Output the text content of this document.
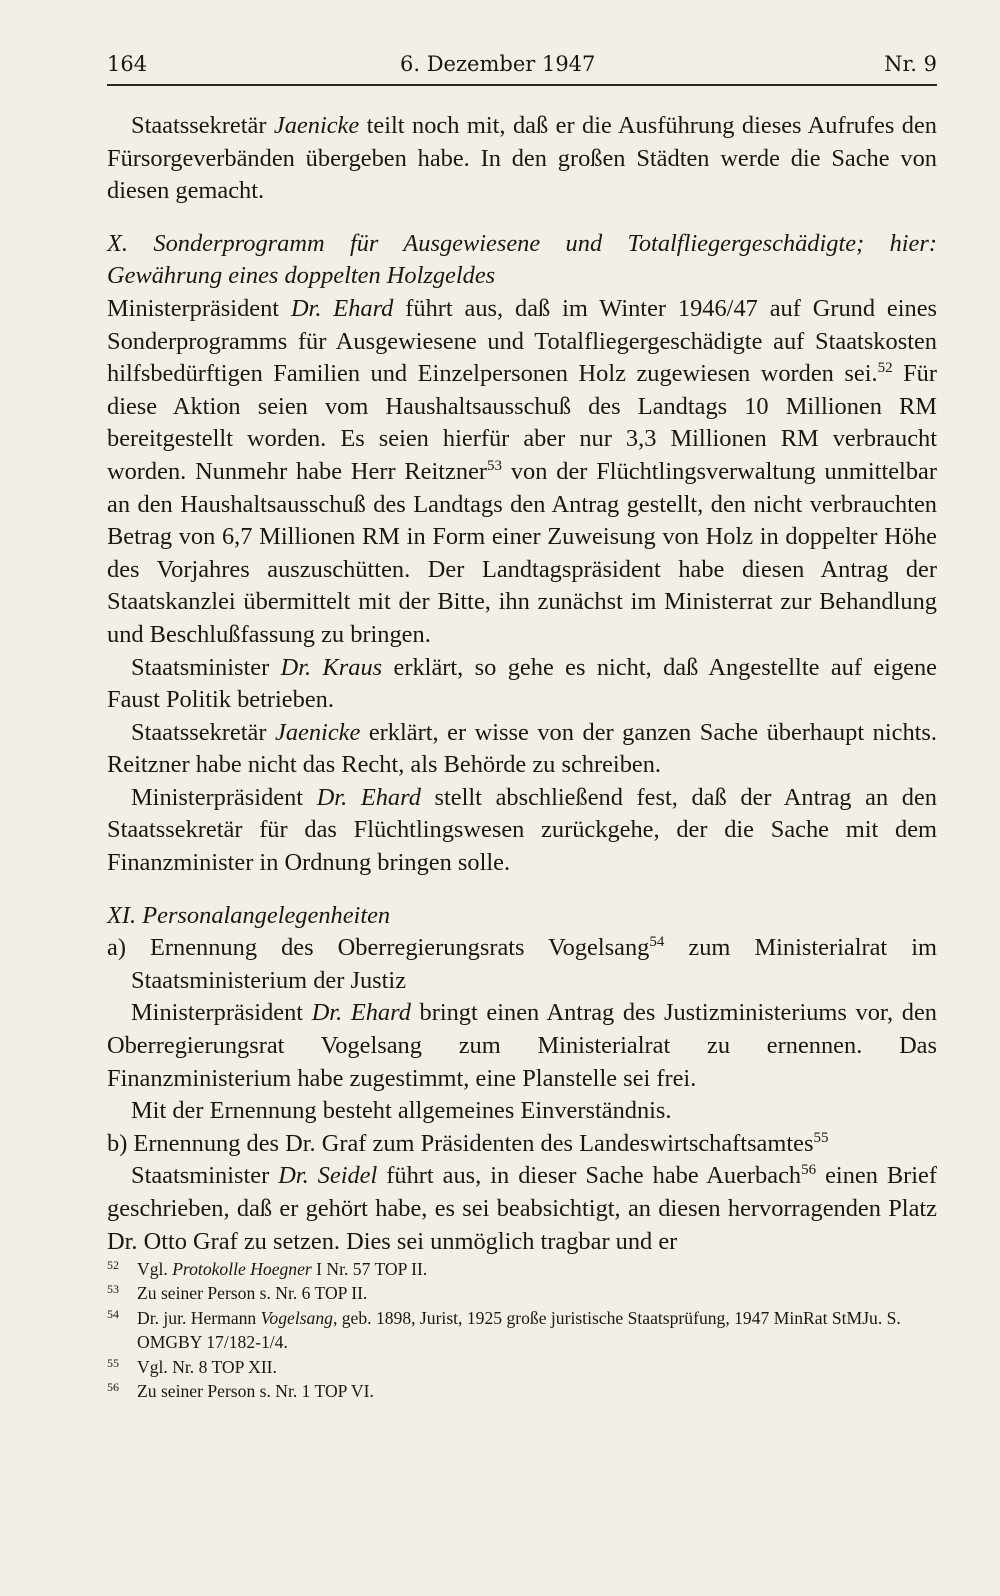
164	6. Dezember 1947	Nr. 9

Staatssekretär Jaenicke teilt noch mit, daß er die Ausführung dieses Aufrufes den Fürsorgeverbänden übergeben habe. In den großen Städten werde die Sache von diesen gemacht.

X. Sonderprogramm für Ausgewiesene und Totalfliegergeschädigte; hier: Gewährung eines doppelten Holzgeldes

Ministerpräsident Dr. Ehard führt aus, daß im Winter 1946/47 auf Grund eines Sonderprogramms für Ausgewiesene und Totalfliegergeschädigte auf Staatskosten hilfsbedürftigen Familien und Einzelpersonen Holz zugewiesen worden sei.$^{52}$ Für diese Aktion seien vom Haushaltsausschuß des Landtags 10 Millionen RM bereitgestellt worden. Es seien hierfür aber nur 3,3 Millionen RM verbraucht worden. Nunmehr habe Herr Reitzner$^{53}$ von der Flüchtlingsverwaltung unmittelbar an den Haushaltsausschuß des Landtags den Antrag gestellt, den nicht verbrauchten Betrag von 6,7 Millionen RM in Form einer Zuweisung von Holz in doppelter Höhe des Vorjahres auszuschütten. Der Landtagspräsident habe diesen Antrag der Staatskanzlei übermittelt mit der Bitte, ihn zunächst im Ministerrat zur Behandlung und Beschlußfassung zu bringen.

Staatsminister Dr. Kraus erklärt, so gehe es nicht, daß Angestellte auf eigene Faust Politik betrieben.

Staatssekretär Jaenicke erklärt, er wisse von der ganzen Sache überhaupt nichts. Reitzner habe nicht das Recht, als Behörde zu schreiben.

Ministerpräsident Dr. Ehard stellt abschließend fest, daß der Antrag an den Staatssekretär für das Flüchtlingswesen zurückgehe, der die Sache mit dem Finanzminister in Ordnung bringen solle.

XI. Personalangelegenheiten

a) Ernennung des Oberregierungsrats Vogelsang$^{54}$ zum Ministerialrat im Staatsministerium der Justiz

Ministerpräsident Dr. Ehard bringt einen Antrag des Justizministeriums vor, den Oberregierungsrat Vogelsang zum Ministerialrat zu ernennen. Das Finanzministerium habe zugestimmt, eine Planstelle sei frei.

Mit der Ernennung besteht allgemeines Einverständnis.

b) Ernennung des Dr. Graf zum Präsidenten des Landeswirtschaftsamtes$^{55}$

Staatsminister Dr. Seidel führt aus, in dieser Sache habe Auerbach$^{56}$ einen Brief geschrieben, daß er gehört habe, es sei beabsichtigt, an diesen hervorragenden Platz Dr. Otto Graf zu setzen. Dies sei unmöglich tragbar und er

52 Vgl. Protokolle Hoegner I Nr. 57 TOP II.
53 Zu seiner Person s. Nr. 6 TOP II.
54 Dr. jur. Hermann Vogelsang, geb. 1898, Jurist, 1925 große juristische Staatsprüfung, 1947 MinRat StMJu. S. OMGBY 17/182-1/4.
55 Vgl. Nr. 8 TOP XII.
56 Zu seiner Person s. Nr. 1 TOP VI.
